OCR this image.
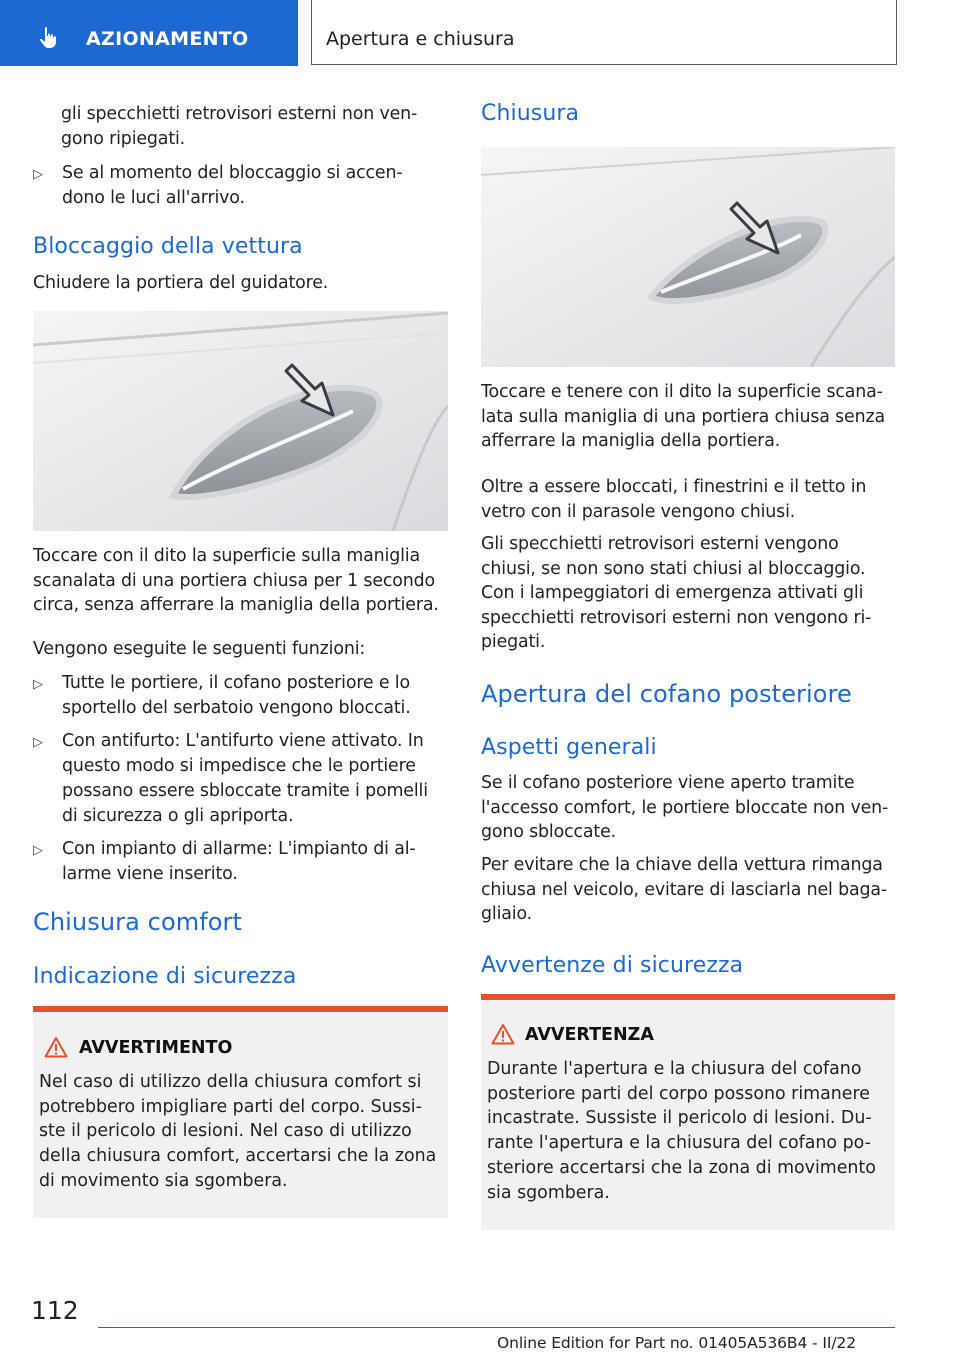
AZIONAMENTO	Apertura e chiusura

gli specchietti retrovisori esterni non ven-

gono ripiegati.

▷ Se al momento del bloccaggio si accen-

dono le luci all'arrivo.

Bloccaggio della vettura

Chiudere la portiera del guidatore.

Toccare con il dito la superficie sulla maniglia

scanalata di una portiera chiusa per 1 secondo

circa, senza afferrare la maniglia della portiera.

Vengono eseguite le seguenti funzioni:

▷ Tutte le portiere, il cofano posteriore e lo

sportello del serbatoio vengono bloccati.

▷ Con antifurto: L'antifurto viene attivato. In

questo modo si impedisce che le portiere

possano essere sbloccate tramite i pomelli

di sicurezza o gli apriporta.

▷ Con impianto di allarme: L'impianto di al-

larme viene inserito.

Chiusura comfort
Indicazione di sicurezza
AVVERTIMENTO
Nel caso di utilizzo della chiusura comfort si
potrebbero impigliare parti del corpo. Sussi-
ste il pericolo di lesioni. Nel caso di utilizzo
della chiusura comfort, accertarsi che la zona
di movimento sia sgombera.
Chiusura

Toccare e tenere con il dito la superficie scana-

lata sulla maniglia di una portiera chiusa senza

afferrare la maniglia della portiera.

Oltre a essere bloccati, i finestrini e il tetto in

vetro con il parasole vengono chiusi.

Gli specchietti retrovisori esterni vengono

chiusi, se non sono stati chiusi al bloccaggio.

Con i lampeggiatori di emergenza attivati gli

specchietti retrovisori esterni non vengono ri-

piegati.

Apertura del cofano posteriore
Aspetti generali

Se il cofano posteriore viene aperto tramite

l'accesso comfort, le portiere bloccate non ven-

gono sbloccate.

Per evitare che la chiave della vettura rimanga

chiusa nel veicolo, evitare di lasciarla nel baga-

gliaio.

Avvertenze di sicurezza
AVVERTENZA
Durante l'apertura e la chiusura del cofano
posteriore parti del corpo possono rimanere
incastrate. Sussiste il pericolo di lesioni. Du-
rante l'apertura e la chiusura del cofano po-
steriore accertarsi che la zona di movimento
sia sgombera.
112
Online Edition for Part no. 01405A536B4 - II/22
